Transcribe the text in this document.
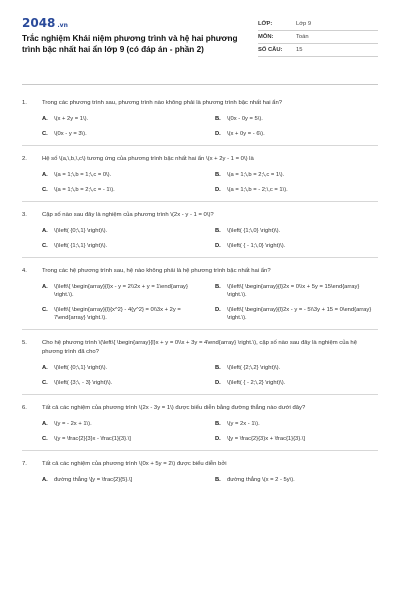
2048 .vn
Trắc nghiệm Khái niệm phương trình và hệ hai phương trình bậc nhất hai ẩn lớp 9 (có đáp án - phần 2)
LỚP:	Lớp 9
MÔN:	Toán
SỐ CÂU:	15
1.	Trong các phương trình sau, phương trình nào không phải là phương trình bậc nhất hai ẩn?
A.	\(x + 2y = 1\).	B.	\(0x - 0y = 5\).
C.	\(0x - y = 3\).	D.	\(x + 0y = - 6\).
2.	Hệ số \(a,\,b,\,c\) tương ứng của phương trình bậc nhất hai ẩn \(x + 2y - 1 = 0\) là
A.	\(a = 1;\,b = 1;\,c = 0\).	B.	\(a = 1;\,b = 2;\,c = 1\).
C.	\(a = 1;\,b = 2;\,c = - 1\).	D.	\(a = 1;\,b = - 2;\,c = 1\).
3.	Cặp số nào sau đây là nghiệm của phương trình \(2x - y - 1 = 0\)?
A.	\(\left( {0;\,1} \right)\).	B.	\(\left( {1;\,0} \right)\).
C.	\(\left( {1;\,1} \right)\).	D.	\(\left( { - 1;\,0} \right)\).
4.	Trong các hệ phương trình sau, hệ nào không phải là hệ phương trình bậc nhất hai ẩn?
A.	\(\left\{ \begin{array}{l}x - y = 2\\2x + y = 1\end{array} \right.\).
B.	\(\left\{ \begin{array}{l}2x = 0\\x + 5y = 15\end{array} \right.\).
C.	\(\left\{ \begin{array}{l}{x^2} - 4{y^2} = 0\\3x + 2y = 7\end{array} \right.\).
D.	\(\left\{ \begin{array}{l}2x - y = - 5\\3y + 15 = 0\end{array} \right.\).
5.	Cho hệ phương trình \(\left\{ \begin{array}{l}x + y = 0\\x + 3y = 4\end{array} \right.\), cặp số nào sau đây là nghiệm của hệ phương trình đã cho?
A.	\(\left( {0;\,1} \right)\).	B.	\(\left( {2;\,2} \right)\).
C.	\(\left( {3;\, - 3} \right)\).	D.	\(\left( { - 2;\,2} \right)\).
6.	Tất cả các nghiệm của phương trình \(2x - 3y = 1\) được biểu diễn bằng đường thẳng nào dưới đây?
A.	\(y = - 2x + 1\).	B.	\(y = 2x - 1\).
C.	\(y = \frac{2}{3}x - \frac{1}{3}.\]	D.	\[y = \frac{2}{3}x + \frac{1}{3}.\]
7.	Tất cả các nghiệm của phương trình \(0x + 5y = 2\) được biểu diễn bởi
A.	đường thẳng \[y = \frac{2}{5}.\]	B.	đường thẳng \(x = 2 - 5y\).
